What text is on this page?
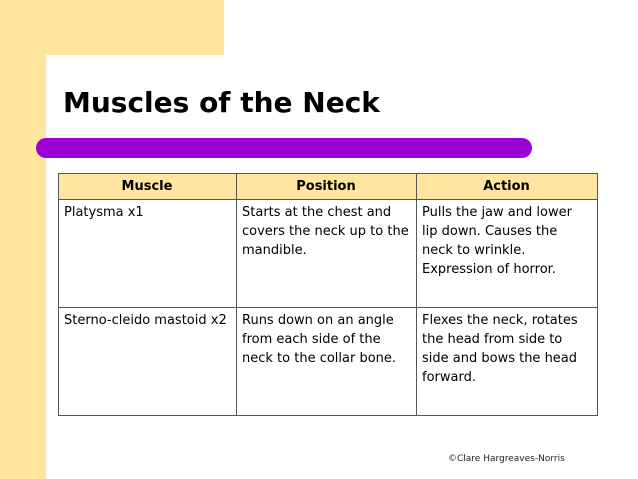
Muscles of the Neck
Muscle	Position	Action
Platysma x1	Starts at the chest and covers the neck up to the mandible.	Pulls the jaw and lower lip down. Causes the neck to wrinkle. Expression of horror.
Sterno-cleido mastoid x2	Runs down on an angle from each side of the neck to the collar bone.	Flexes the neck, rotates the head from side to side and bows the head forward.
©Clare Hargreaves-Norris
